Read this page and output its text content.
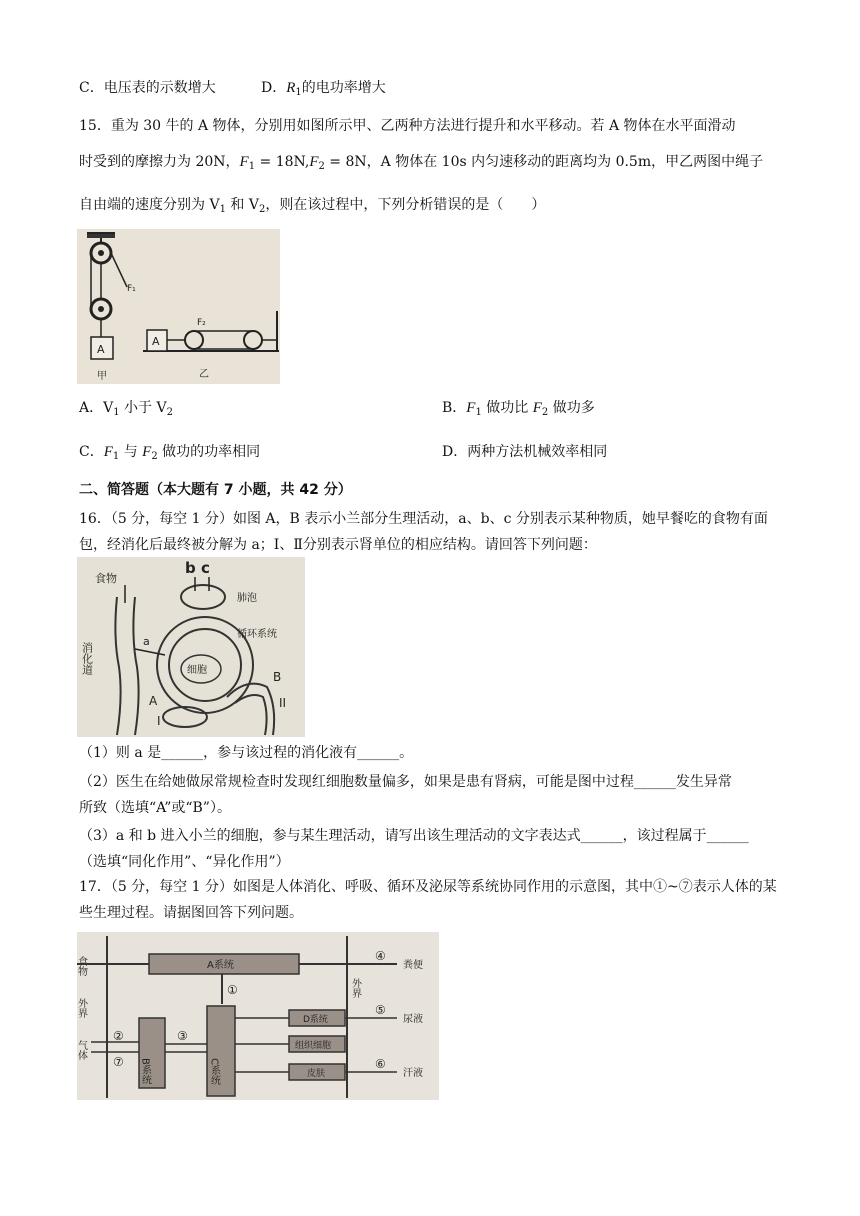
C．电压表的示数增大	D．$R_1$的电功率增大
15．重为 30 牛的 A 物体，分别用如图所示甲、乙两种方法进行提升和水平移动。若 A 物体在水平面滑动
时受到的摩擦力为 20N，$F_1 = 18N,F_2 = 8N$，A 物体在 10s 内匀速移动的距离均为 0.5m，甲乙两图中绳子
自由端的速度分别为 $V_1$ 和 $V_2$，则在该过程中，下列分析错误的是（　　）
A
F₁
甲
A
F₂
乙
A．$V_1$ 小于 $V_2$	B．$F_1$ 做功比 $F_2$ 做功多
C．$F_1$ 与 $F_2$ 做功的功率相同	D．两种方法机械效率相同
二、简答题（本大题有 7 小题，共 42 分）
16．（5 分，每空 1 分）如图 A，B 表示小兰部分生理活动，a、b、c 分别表示某种物质，她早餐吃的食物有面包，经消化后最终被分解为 a；Ⅰ、Ⅱ分别表示肾单位的相应结构。请回答下列问题：
食物
消化道
b c
肺泡
循环系统
细胞
a
B
II
A
I
（1）则 a 是______，参与该过程的消化液有______。
（2）医生在给她做尿常规检查时发现红细胞数量偏多，如果是患有肾病，可能是图中过程______发生异常
所致（选填“A”或“B”）。
（3）a 和 b 进入小兰的细胞，参与某生理活动，请写出该生理活动的文字表达式______，该过程属于______
（选填“同化作用”、“异化作用”）
17．（5 分，每空 1 分）如图是人体消化、呼吸、循环及泌尿等系统协同作用的示意图，其中①~⑦表示人体的某些生理过程。请据图回答下列问题。
食物
外界
气体
外界
A系统
④
粪便
①
B系统
②
⑦
③
C系统
D系统
⑤
尿液
组织细胞
皮肤
⑥
汗液
